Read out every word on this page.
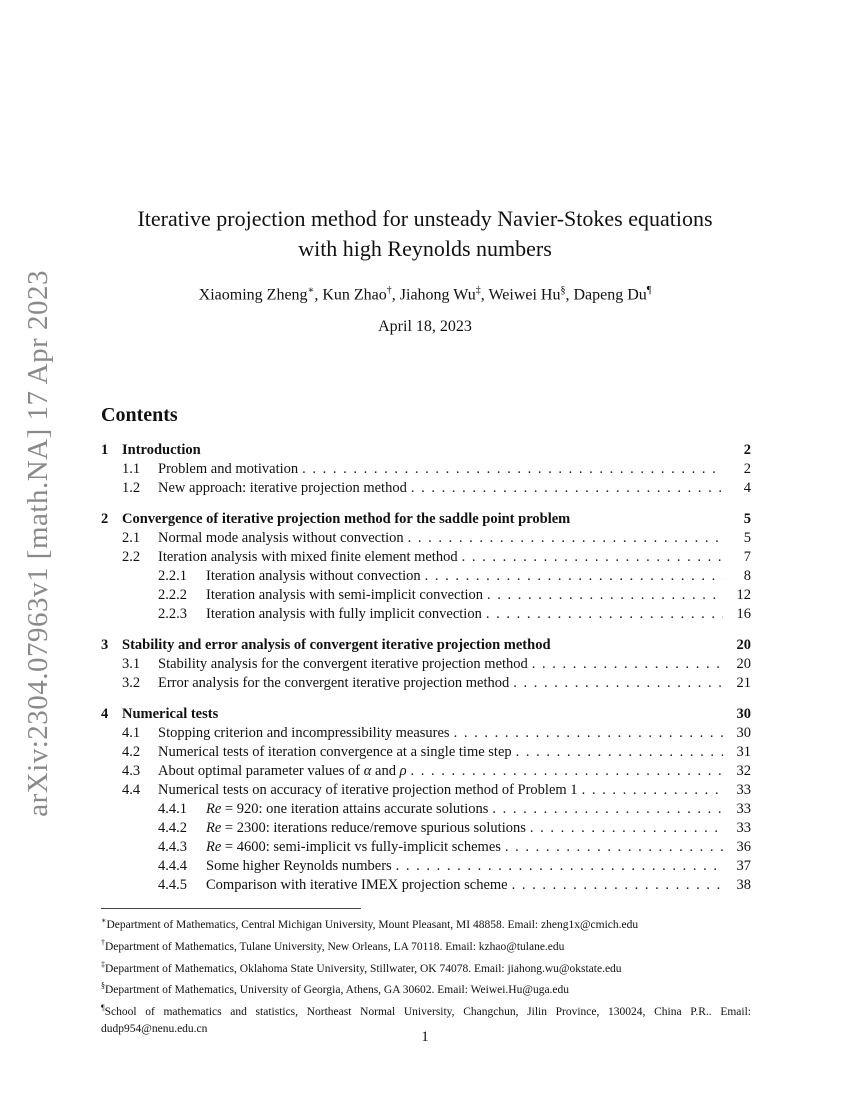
arXiv:2304.07963v1 [math.NA] 17 Apr 2023
Iterative projection method for unsteady Navier-Stokes equations
with high Reynolds numbers
Xiaoming Zheng∗, Kun Zhao†, Jiahong Wu‡, Weiwei Hu§, Dapeng Du¶
April 18, 2023
Contents
1 Introduction	2
1.1 Problem and motivation . . .	2
1.2 New approach: iterative projection method . . .	4
2 Convergence of iterative projection method for the saddle point problem	5
2.1 Normal mode analysis without convection . . .	5
2.2 Iteration analysis with mixed finite element method . . .	7
2.2.1 Iteration analysis without convection . . .	8
2.2.2 Iteration analysis with semi-implicit convection . . .	12
2.2.3 Iteration analysis with fully implicit convection . . .	16
3 Stability and error analysis of convergent iterative projection method	20
3.1 Stability analysis for the convergent iterative projection method . . .	20
3.2 Error analysis for the convergent iterative projection method . . .	21
4 Numerical tests	30
4.1 Stopping criterion and incompressibility measures . . .	30
4.2 Numerical tests of iteration convergence at a single time step . . .	31
4.3 About optimal parameter values of α and ρ . . .	32
4.4 Numerical tests on accuracy of iterative projection method of Problem 1 . . .	33
4.4.1 Re = 920: one iteration attains accurate solutions . . .	33
4.4.2 Re = 2300: iterations reduce/remove spurious solutions . . .	33
4.4.3 Re = 4600: semi-implicit vs fully-implicit schemes . . .	36
4.4.4 Some higher Reynolds numbers . . .	37
4.4.5 Comparison with iterative IMEX projection scheme . . .	38

∗Department of Mathematics, Central Michigan University, Mount Pleasant, MI 48858. Email: zheng1x@cmich.edu

†Department of Mathematics, Tulane University, New Orleans, LA 70118. Email: kzhao@tulane.edu

‡Department of Mathematics, Oklahoma State University, Stillwater, OK 74078. Email: jiahong.wu@okstate.edu

§Department of Mathematics, University of Georgia, Athens, GA 30602. Email: Weiwei.Hu@uga.edu

¶School of mathematics and statistics, Northeast Normal University, Changchun, Jilin Province, 130024, China P.R.. Email: dudp954@nenu.edu.cn	1
